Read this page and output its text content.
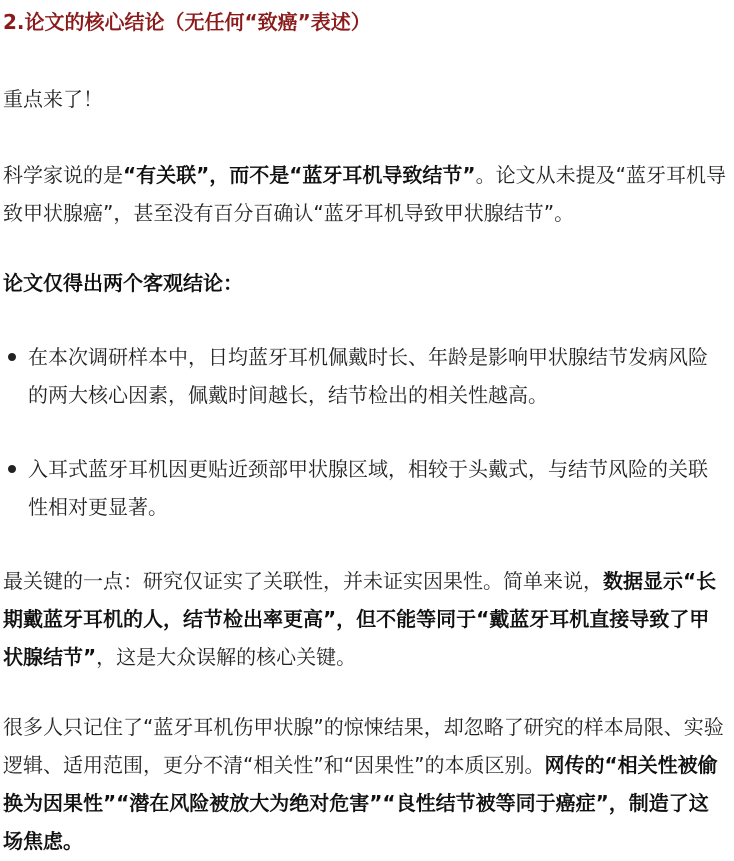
2.论文的核心结论（无任何“致癌”表述）

重点来了！

科学家说的是“有关联”，而不是“蓝牙耳机导致结节”。论文从未提及“蓝牙耳机导致甲状腺癌”，甚至没有百分百确认“蓝牙耳机导致甲状腺结节”。

论文仅得出两个客观结论：

在本次调研样本中，日均蓝牙耳机佩戴时长、年龄是影响甲状腺结节发病风险的两大核心因素，佩戴时间越长，结节检出的相关性越高。
入耳式蓝牙耳机因更贴近颈部甲状腺区域，相较于头戴式，与结节风险的关联性相对更显著。

最关键的一点：研究仅证实了关联性，并未证实因果性。简单来说，数据显示“长期戴蓝牙耳机的人，结节检出率更高”，但不能等同于“戴蓝牙耳机直接导致了甲状腺结节”，这是大众误解的核心关键。

很多人只记住了“蓝牙耳机伤甲状腺”的惊悚结果，却忽略了研究的样本局限、实验逻辑、适用范围，更分不清“相关性”和“因果性”的本质区别。网传的“相关性被偷换为因果性”“潜在风险被放大为绝对危害”“良性结节被等同于癌症”，制造了这场焦虑。
